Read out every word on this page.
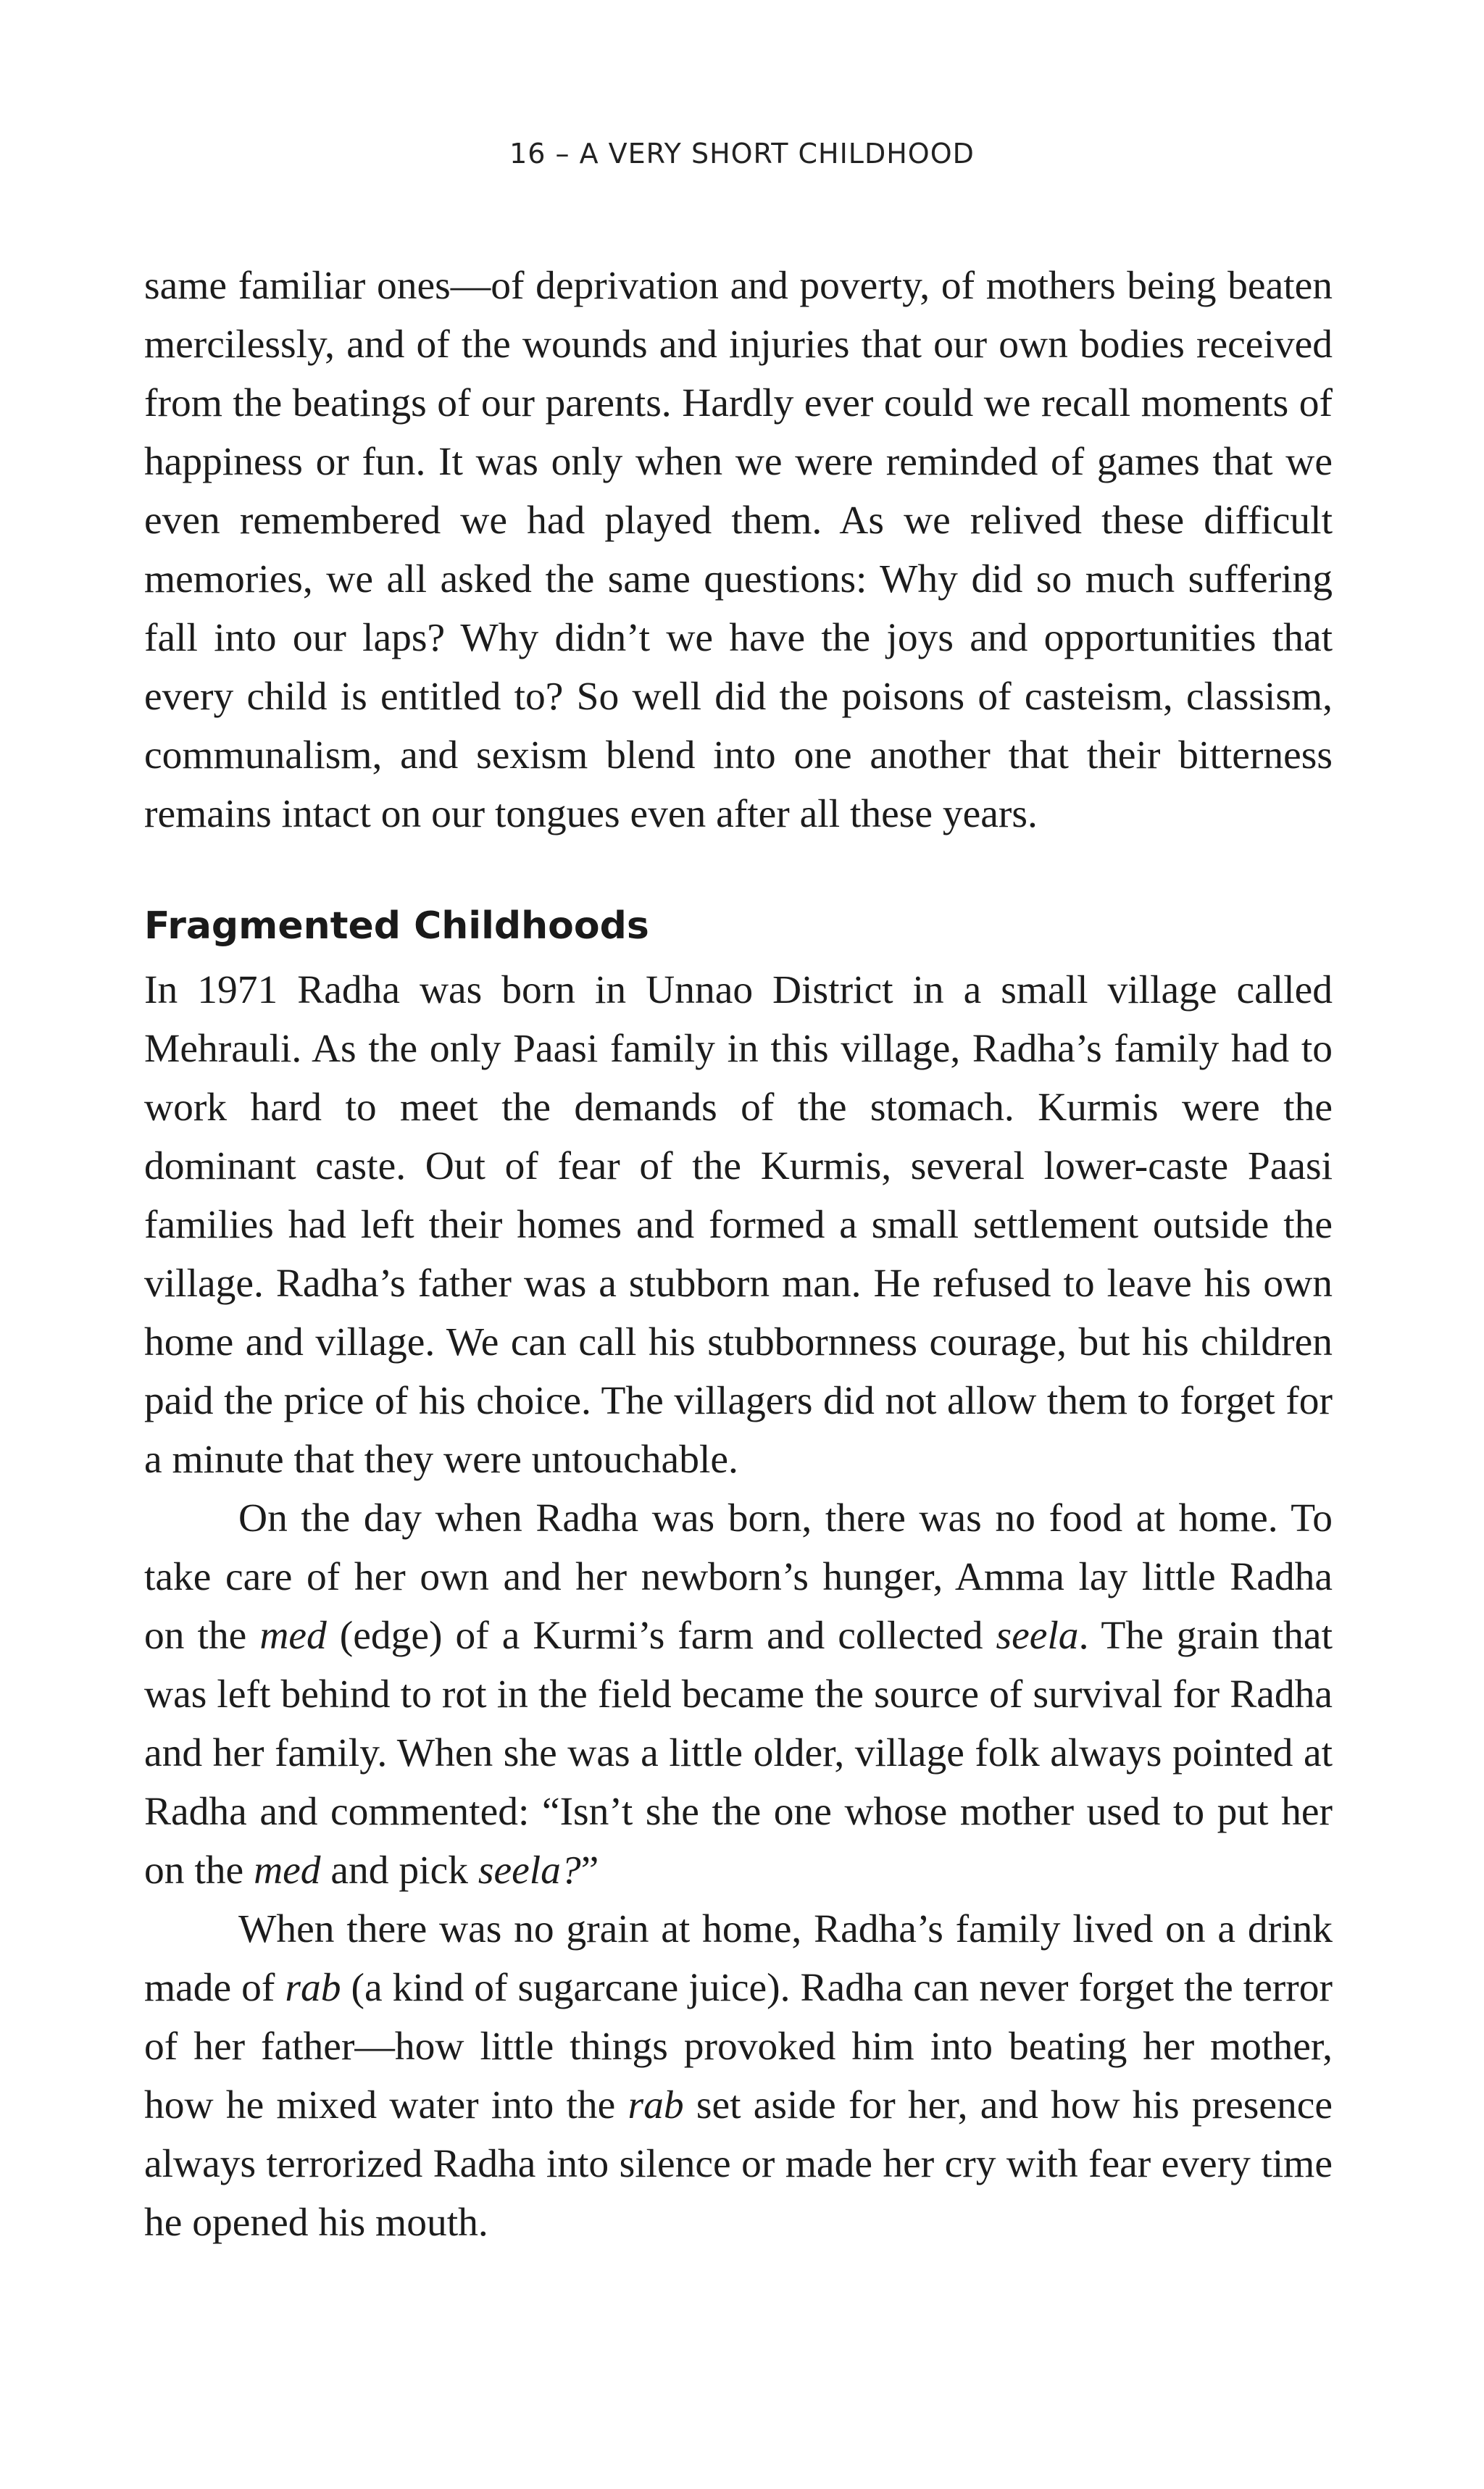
16 – A VERY SHORT CHILDHOOD

same familiar ones—of deprivation and poverty, of mothers being beaten mercilessly, and of the wounds and injuries that our own bodies received from the beatings of our parents. Hardly ever could we recall moments of happiness or fun. It was only when we were reminded of games that we even remembered we had played them. As we relived these difficult memories, we all asked the same questions: Why did so much suffering fall into our laps? Why didn’t we have the joys and opportunities that every child is entitled to? So well did the poisons of casteism, classism, communalism, and sexism blend into one another that their bitterness remains intact on our tongues even after all these years.

Fragmented Childhoods

In 1971 Radha was born in Unnao District in a small village called Mehrauli. As the only Paasi family in this village, Radha’s family had to work hard to meet the demands of the stomach. Kurmis were the dominant caste. Out of fear of the Kurmis, several lower-caste Paasi families had left their homes and formed a small settlement outside the village. Radha’s father was a stubborn man. He refused to leave his own home and village. We can call his stubbornness courage, but his children paid the price of his choice. The villagers did not allow them to forget for a minute that they were untouchable.

On the day when Radha was born, there was no food at home. To take care of her own and her newborn’s hunger, Amma lay little Radha on the med (edge) of a Kurmi’s farm and collected seela. The grain that was left behind to rot in the field became the source of survival for Radha and her family. When she was a little older, village folk always pointed at Radha and commented: “Isn’t she the one whose mother used to put her on the med and pick seela?”

When there was no grain at home, Radha’s family lived on a drink made of rab (a kind of sugarcane juice). Radha can never forget the terror of her father—how little things provoked him into beating her mother, how he mixed water into the rab set aside for her, and how his presence always terrorized Radha into silence or made her cry with fear every time he opened his mouth.
